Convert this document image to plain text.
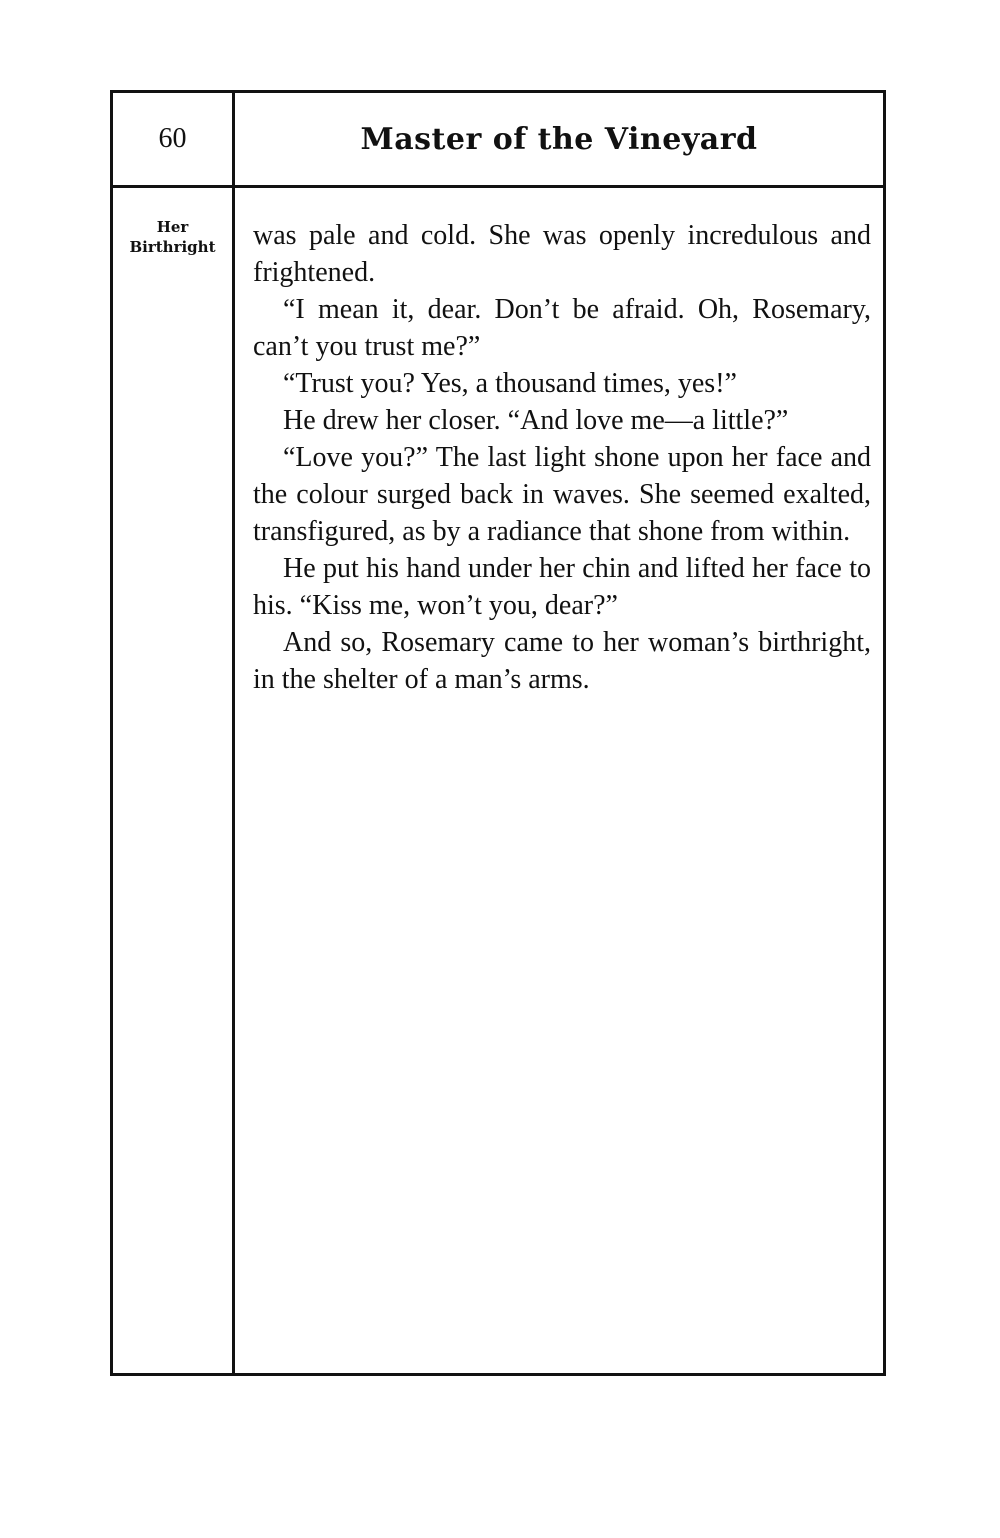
60	Master of the Vineyard
Her
Birthright	was pale and cold. She was openly incredulous and frightened.

“I mean it, dear. Don’t be afraid. Oh, Rosemary, can’t you trust me?”

“Trust you? Yes, a thousand times, yes!”

He drew her closer. “And love me—a little?”

“Love you?” The last light shone upon her face and the colour surged back in waves. She seemed exalted, transfigured, as by a radiance that shone from within.

He put his hand under her chin and lifted her face to his. “Kiss me, won’t you, dear?”

And so, Rosemary came to her woman’s birthright, in the shelter of a man’s arms.
